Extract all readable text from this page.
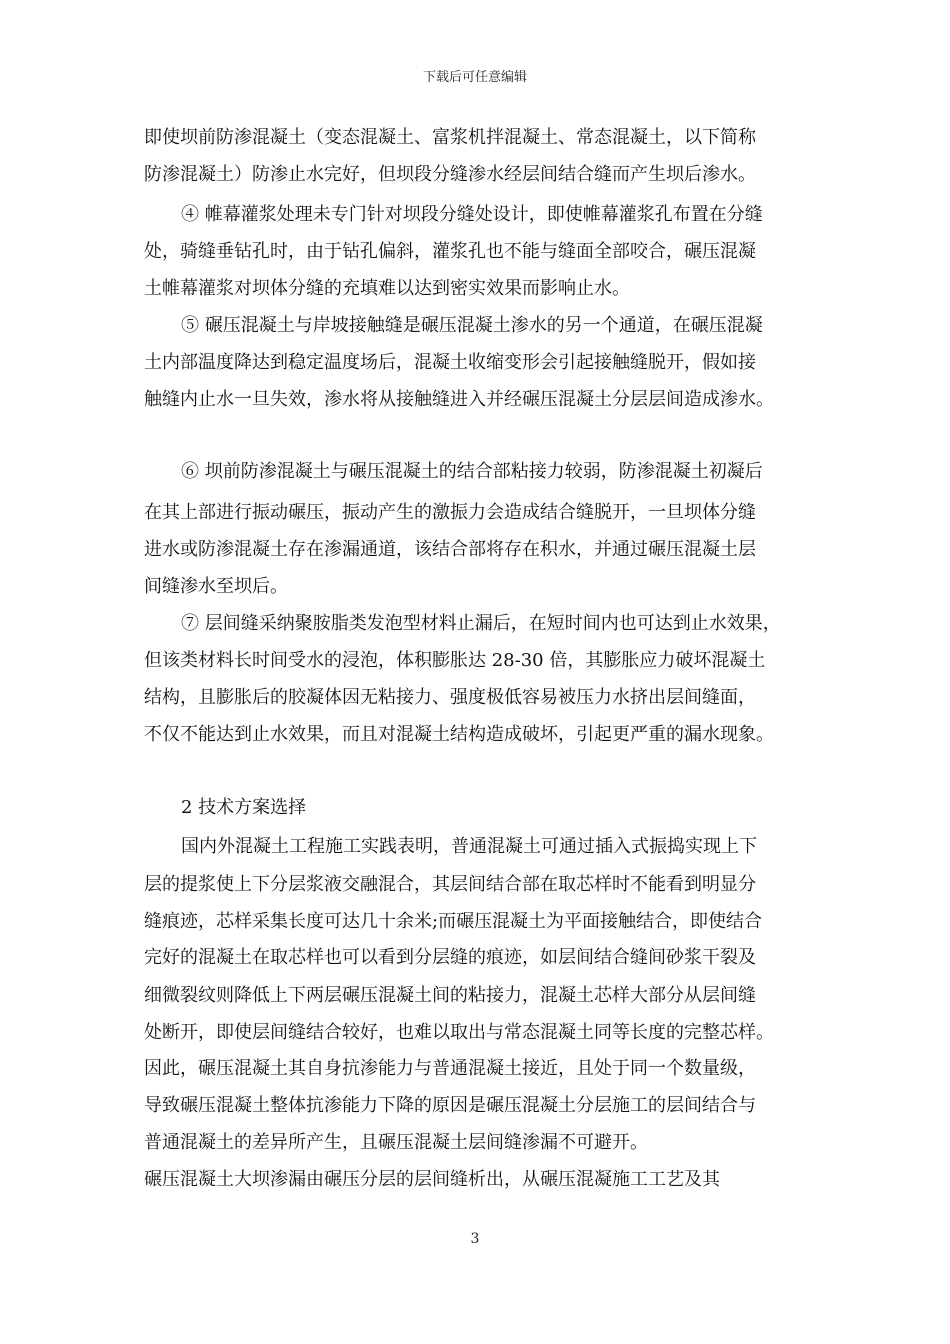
下载后可任意编辑
即使坝前防渗混凝土（变态混凝土、富浆机拌混凝土、常态混凝土，以下简称
防渗混凝土）防渗止水完好，但坝段分缝渗水经层间结合缝而产生坝后渗水。
④ 帷幕灌浆处理未专门针对坝段分缝处设计，即使帷幕灌浆孔布置在分缝
处，骑缝垂钻孔时，由于钻孔偏斜，灌浆孔也不能与缝面全部咬合，碾压混凝
土帷幕灌浆对坝体分缝的充填难以达到密实效果而影响止水。
⑤ 碾压混凝土与岸坡接触缝是碾压混凝土渗水的另一个通道，在碾压混凝
土内部温度降达到稳定温度场后，混凝土收缩变形会引起接触缝脱开，假如接
触缝内止水一旦失效，渗水将从接触缝进入并经碾压混凝土分层层间造成渗水。
⑥ 坝前防渗混凝土与碾压混凝土的结合部粘接力较弱，防渗混凝土初凝后
在其上部进行振动碾压，振动产生的激振力会造成结合缝脱开，一旦坝体分缝
进水或防渗混凝土存在渗漏通道，该结合部将存在积水，并通过碾压混凝土层
间缝渗水至坝后。
⑦ 层间缝采纳聚胺脂类发泡型材料止漏后，在短时间内也可达到止水效果，
但该类材料长时间受水的浸泡，体积膨胀达 28-30 倍，其膨胀应力破坏混凝土
结构，且膨胀后的胶凝体因无粘接力、强度极低容易被压力水挤出层间缝面，
不仅不能达到止水效果，而且对混凝土结构造成破坏，引起更严重的漏水现象。
2 技术方案选择
国内外混凝土工程施工实践表明，普通混凝土可通过插入式振捣实现上下
层的提浆使上下分层浆液交融混合，其层间结合部在取芯样时不能看到明显分
缝痕迹，芯样采集长度可达几十余米;而碾压混凝土为平面接触结合，即使结合
完好的混凝土在取芯样也可以看到分层缝的痕迹，如层间结合缝间砂浆干裂及
细微裂纹则降低上下两层碾压混凝土间的粘接力，混凝土芯样大部分从层间缝
处断开，即使层间缝结合较好，也难以取出与常态混凝土同等长度的完整芯样。
因此，碾压混凝土其自身抗渗能力与普通混凝土接近，且处于同一个数量级，
导致碾压混凝土整体抗渗能力下降的原因是碾压混凝土分层施工的层间结合与
普通混凝土的差异所产生，且碾压混凝土层间缝渗漏不可避开。
碾压混凝土大坝渗漏由碾压分层的层间缝析出，从碾压混凝施工工艺及其
3
